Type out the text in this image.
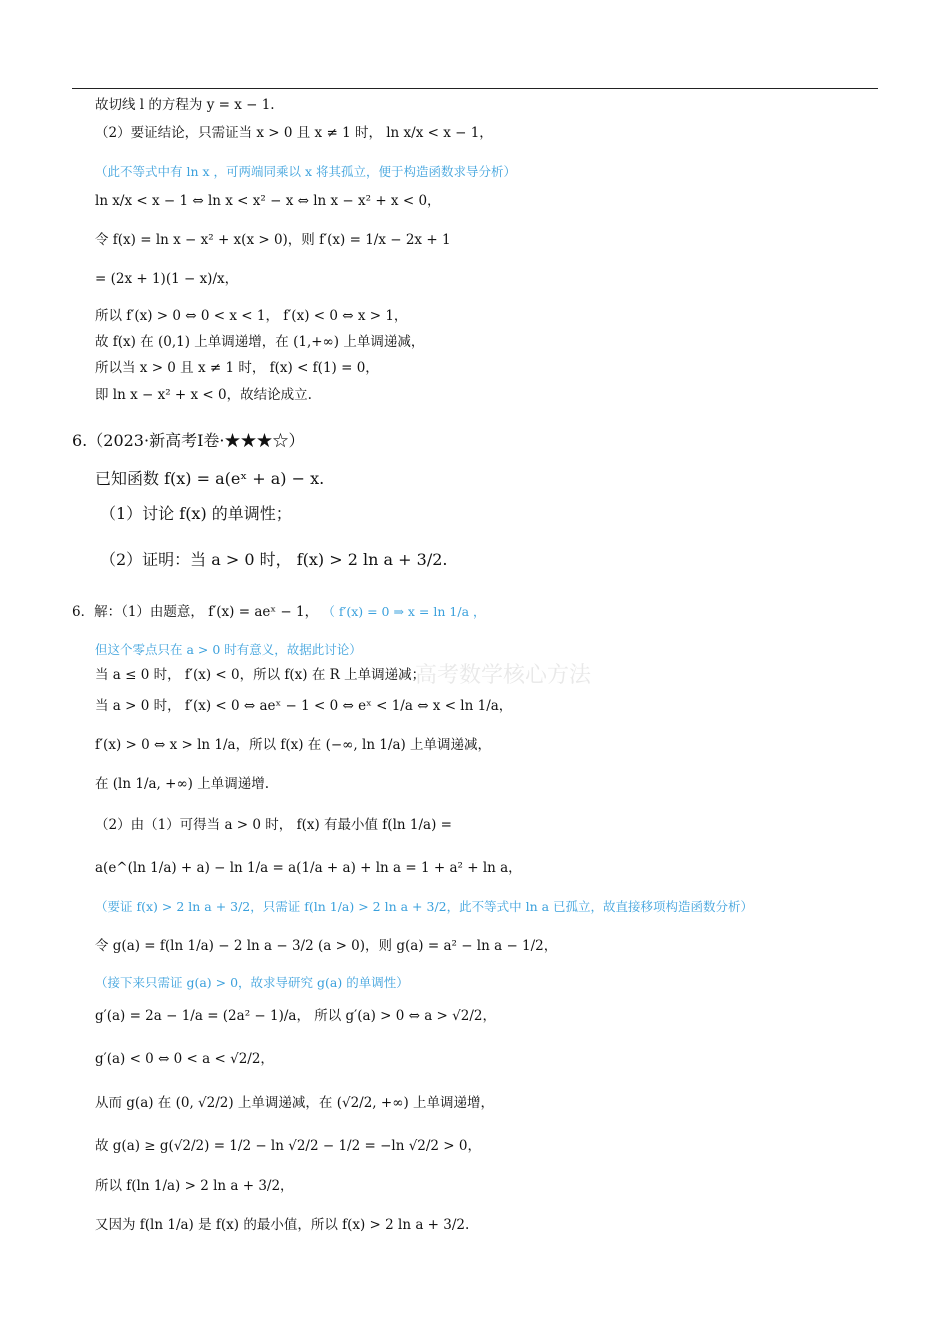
故切线 l 的方程为 y = x − 1.
（2）要证结论，只需证当 x > 0 且 x ≠ 1 时， ln x/x < x − 1，
（此不等式中有 ln x ，可两端同乘以 x 将其孤立，便于构造函数求导分析）
ln x/x < x − 1 ⇔ ln x < x² − x ⇔ ln x − x² + x < 0，
令 f(x) = ln x − x² + x(x > 0)，则 f′(x) = 1/x − 2x + 1
= (2x + 1)(1 − x)/x，
所以 f′(x) > 0 ⇔ 0 < x < 1， f′(x) < 0 ⇔ x > 1，
故 f(x) 在 (0,1) 上单调递增，在 (1,+∞) 上单调递减，
所以当 x > 0 且 x ≠ 1 时， f(x) < f(1) = 0，
即 ln x − x² + x < 0，故结论成立.
6.（2023·新高考Ⅰ卷·★★★☆）
已知函数 f(x) = a(eˣ + a) − x.
（1）讨论 f(x) 的单调性；
（2）证明：当 a > 0 时， f(x) > 2 ln a + 3/2.
6．解：（1）由题意， f′(x) = aeˣ − 1， （ f′(x) = 0 ⇒ x = ln 1/a ，
但这个零点只在 a > 0 时有意义，故据此讨论）
当 a ≤ 0 时， f′(x) < 0，所以 f(x) 在 R 上单调递减；
当 a > 0 时， f′(x) < 0 ⇔ aeˣ − 1 < 0 ⇔ eˣ < 1/a ⇔ x < ln 1/a，
f′(x) > 0 ⇔ x > ln 1/a，所以 f(x) 在 (−∞, ln 1/a) 上单调递减，
在 (ln 1/a, +∞) 上单调递增.
（2）由（1）可得当 a > 0 时， f(x) 有最小值 f(ln 1/a) =
a(e^(ln 1/a) + a) − ln 1/a = a(1/a + a) + ln a = 1 + a² + ln a，
（要证 f(x) > 2 ln a + 3/2，只需证 f(ln 1/a) > 2 ln a + 3/2，此不等式中 ln a 已孤立，故直接移项构造函数分析）
令 g(a) = f(ln 1/a) − 2 ln a − 3/2 (a > 0)，则 g(a) = a² − ln a − 1/2，
（接下来只需证 g(a) > 0，故求导研究 g(a) 的单调性）
g′(a) = 2a − 1/a = (2a² − 1)/a， 所以 g′(a) > 0 ⇔ a > √2/2，
g′(a) < 0 ⇔ 0 < a < √2/2，
从而 g(a) 在 (0, √2/2) 上单调递减，在 (√2/2, +∞) 上单调递增，
故 g(a) ≥ g(√2/2) = 1/2 − ln √2/2 − 1/2 = −ln √2/2 > 0，
所以 f(ln 1/a) > 2 ln a + 3/2，
又因为 f(ln 1/a) 是 f(x) 的最小值，所以 f(x) > 2 ln a + 3/2.
高考数学核心方法
